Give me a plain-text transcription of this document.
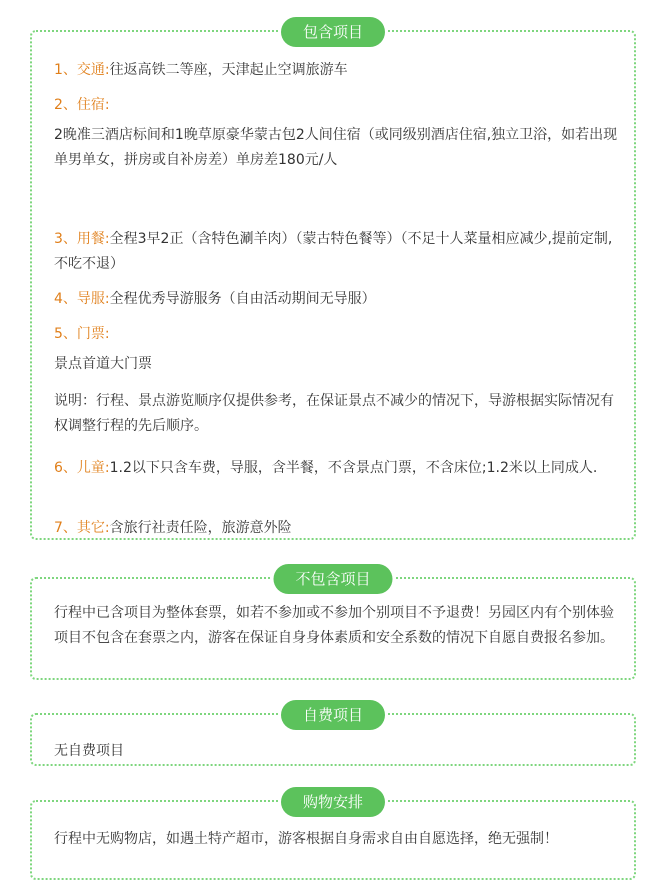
包含项目
1、交通:往返高铁二等座，天津起止空调旅游车
2、住宿:
2晚准三酒店标间和1晚草原豪华蒙古包2人间住宿（或同级别酒店住宿,独立卫浴，如若出现单男单女，拼房或自补房差）单房差180元/人
3、用餐:全程3早2正（含特色涮羊肉）（蒙古特色餐等）（不足十人菜量相应减少,提前定制,不吃不退）
4、导服:全程优秀导游服务（自由活动期间无导服）
5、门票:
景点首道大门票
说明：行程、景点游览顺序仅提供参考，在保证景点不减少的情况下，导游根据实际情况有权调整行程的先后顺序。
6、儿童:1.2以下只含车费，导服，含半餐，不含景点门票，不含床位;1.2米以上同成人.
7、其它:含旅行社责任险，旅游意外险
不包含项目
行程中已含项目为整体套票，如若不参加或不参加个别项目不予退费！另园区内有个别体验项目不包含在套票之内，游客在保证自身身体素质和安全系数的情况下自愿自费报名参加。
自费项目
无自费项目
购物安排
行程中无购物店，如遇土特产超市，游客根据自身需求自由自愿选择，绝无强制！
